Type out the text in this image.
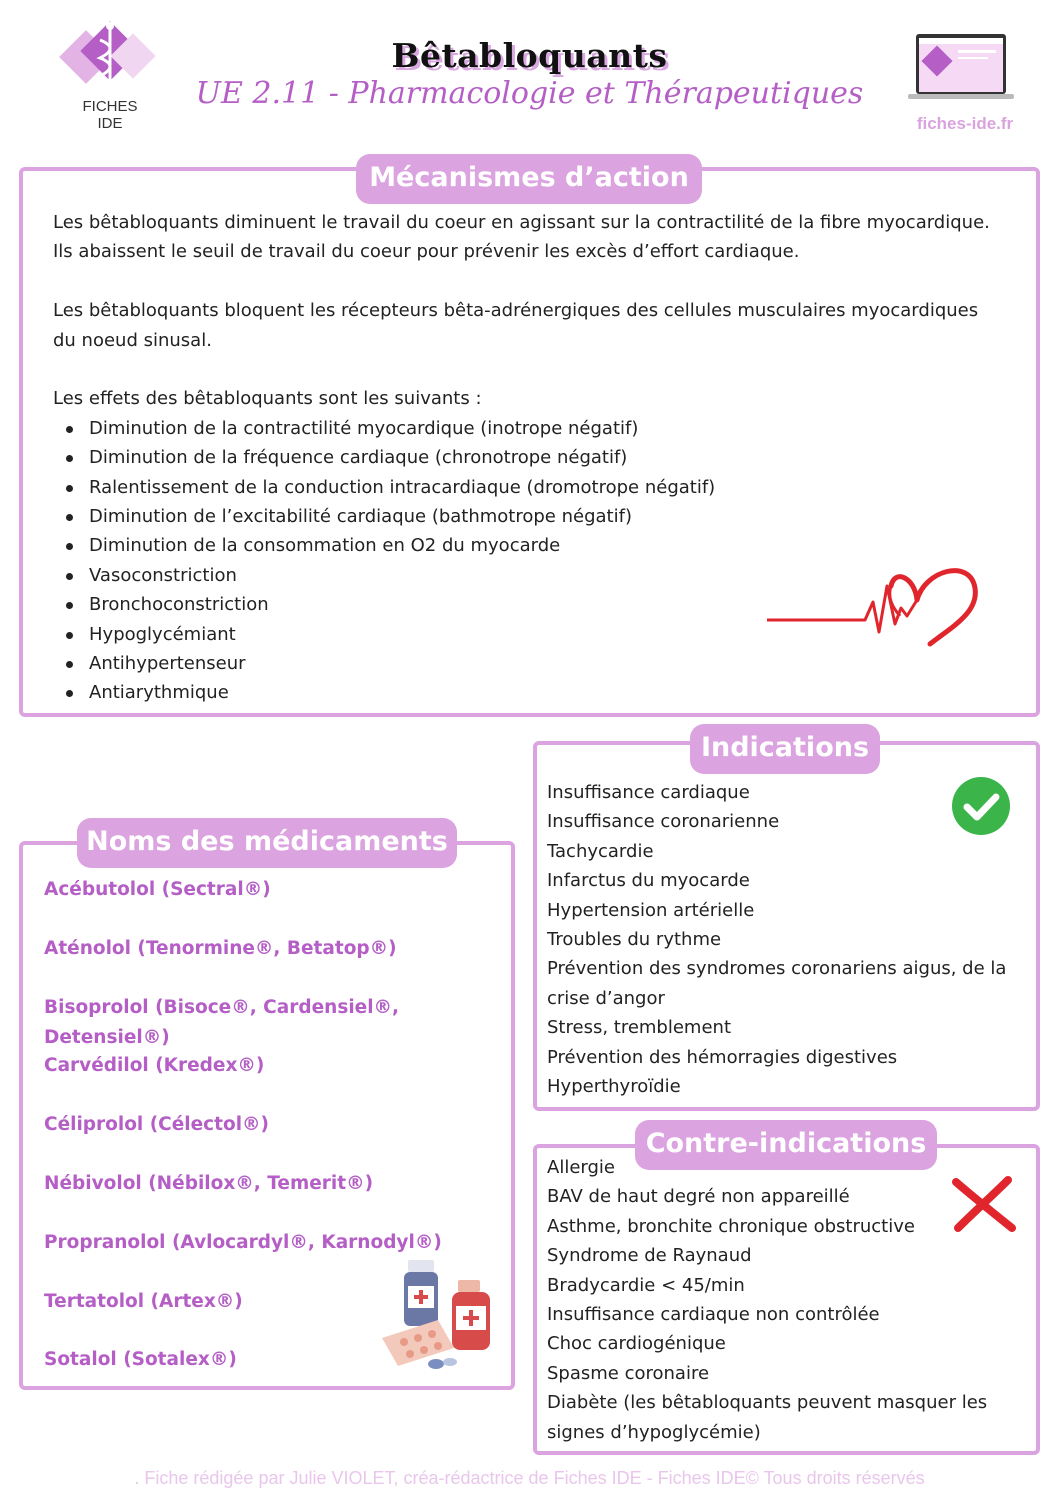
FICHES
IDE
Bêtabloquants
UE 2.11 - Pharmacologie et Thérapeutiques
fiches-ide.fr
Mécanismes d’action

Les bêtabloquants diminuent le travail du coeur en agissant sur la contractilité de la fibre myocardique.

Ils abaissent le seuil de travail du coeur pour prévenir les excès d’effort cardiaque.

Les bêtabloquants bloquent les récepteurs bêta-adrénergiques des cellules musculaires myocardiques

du noeud sinusal.

Les effets des bêtabloquants sont les suivants :

Diminution de la contractilité myocardique (inotrope négatif)
Diminution de la fréquence cardiaque (chronotrope négatif)
Ralentissement de la conduction intracardiaque (dromotrope négatif)
Diminution de l’excitabilité cardiaque (bathmotrope négatif)
Diminution de la consommation en O2 du myocarde
Vasoconstriction
Bronchoconstriction
Hypoglycémiant
Antihypertenseur
Antiarythmique
Indications
Insuffisance cardiaque
Insuffisance coronarienne
Tachycardie
Infarctus du myocarde
Hypertension artérielle
Troubles du rythme
Prévention des syndromes coronariens aigus, de la
crise d’angor
Stress, tremblement
Prévention des hémorragies digestives
Hyperthyroïdie
Noms des médicaments
Acébutolol (Sectral®)
Aténolol (Tenormine®, Betatop®)
Bisoprolol (Bisoce®, Cardensiel®, Detensiel®)
Carvédilol (Kredex®)
Céliprolol (Célectol®)
Nébivolol (Nébilox®, Temerit®)
Propranolol (Avlocardyl®, Karnodyl®)
Tertatolol (Artex®)
Sotalol (Sotalex®)
Contre-indications
Allergie
BAV de haut degré non appareillé
Asthme, bronchite chronique obstructive
Syndrome de Raynaud
Bradycardie < 45/min
Insuffisance cardiaque non contrôlée
Choc cardiogénique
Spasme coronaire
Diabète (les bêtabloquants peuvent masquer les
signes d’hypoglycémie)
. Fiche rédigée par Julie VIOLET, créa-rédactrice de Fiches IDE - Fiches IDE© Tous droits réservés
